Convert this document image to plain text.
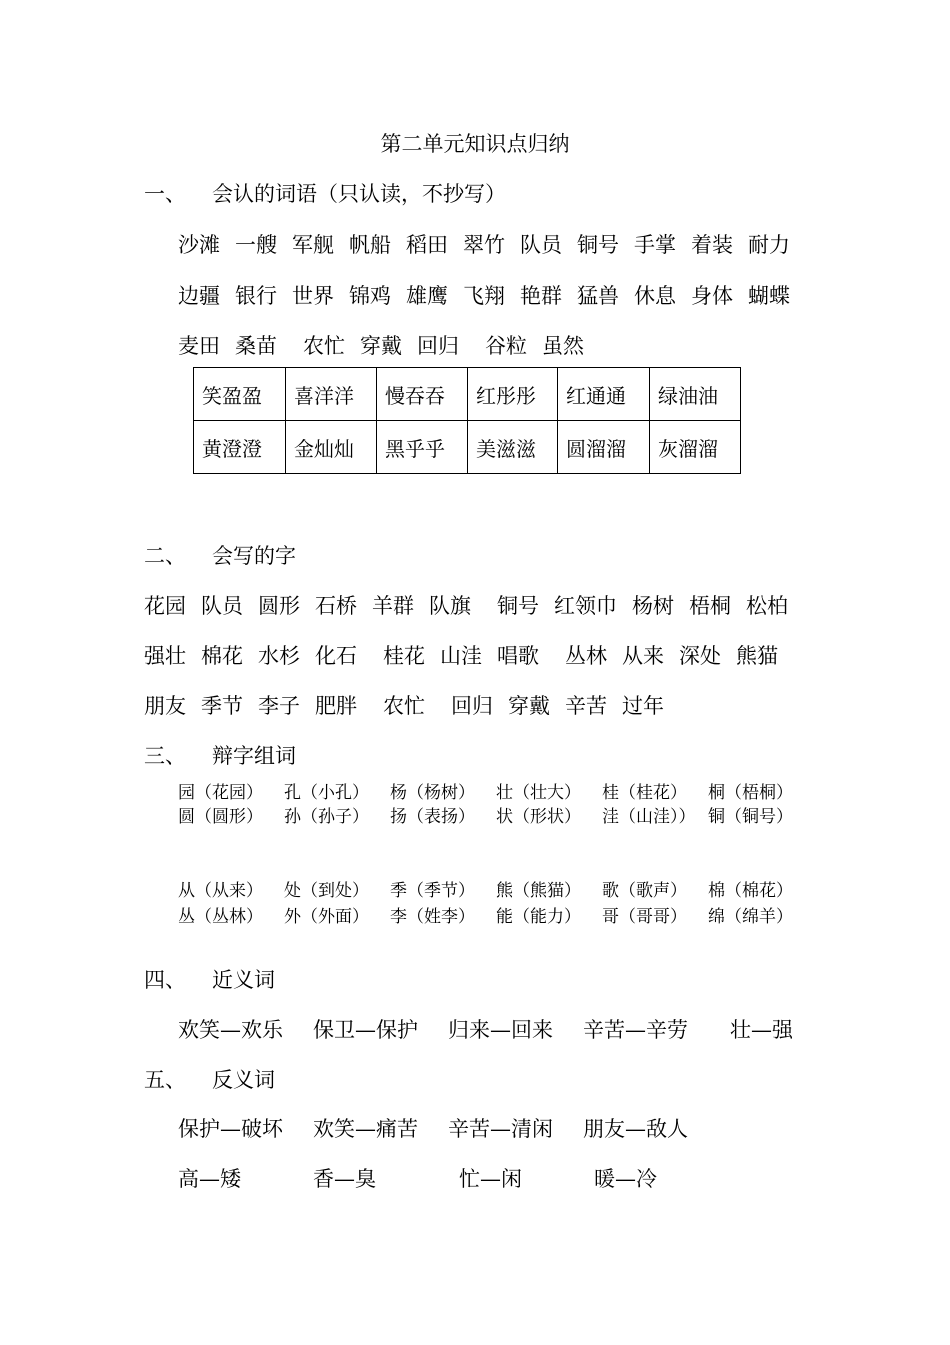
第二单元知识点归纳
一、 会认的词语（只认读，不抄写）
沙滩 一艘 军舰 帆船 稻田 翠竹 队员 铜号 手掌 着装 耐力
边疆 银行 世界 锦鸡 雄鹰 飞翔 艳群 猛兽 休息 身体 蝴蝶
麦田 桑苗 农忙 穿戴 回归 谷粒 虽然
笑盈盈	喜洋洋	慢吞吞	红彤彤	红通通	绿油油
黄澄澄	金灿灿	黑乎乎	美滋滋	圆溜溜	灰溜溜
二、 会写的字
花园 队员 圆形 石桥 羊群 队旗 铜号 红领巾 杨树 梧桐 松柏
强壮 棉花 水杉 化石 桂花 山洼 唱歌 丛林 从来 深处 熊猫
朋友 季节 李子 肥胖 农忙 回归 穿戴 辛苦 过年
三、 辩字组词
园（花园） 孔（小孔） 杨（杨树） 壮（壮大） 桂（桂花） 桐（梧桐）
圆（圆形） 孙（孙子） 扬（表扬） 状（形状） 洼（山洼）） 铜（铜号）
从（从来） 处（到处） 季（季节） 熊（熊猫） 歌（歌声） 棉（棉花）
丛（丛林） 外（外面） 李（姓李） 能（能力） 哥（哥哥） 绵（绵羊）
四、 近义词
欢笑—欢乐 保卫—保护 归来—回来 辛苦—辛劳 壮—强
五、 反义词
保护—破坏 欢笑—痛苦 辛苦—清闲 朋友—敌人
高—矮	香—臭	忙—闲	暖—冷
